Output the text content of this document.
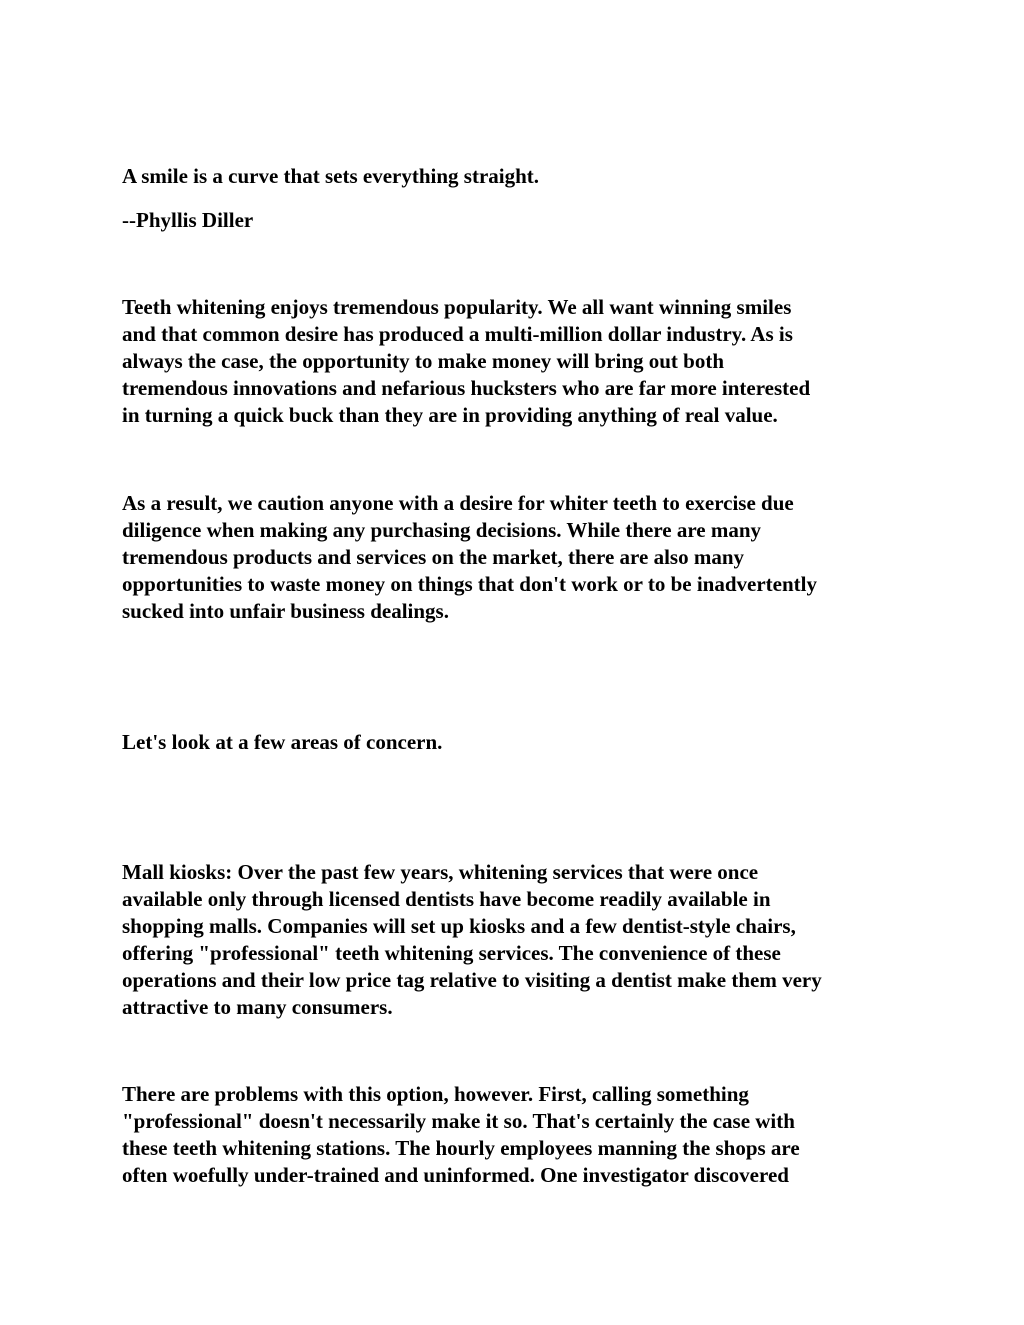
A smile is a curve that sets everything straight.

--Phyllis Diller

Teeth whitening enjoys tremendous popularity. We all want winning smiles
and that common desire has produced a multi-million dollar industry. As is
always the case, the opportunity to make money will bring out both
tremendous innovations and nefarious hucksters who are far more interested
in turning a quick buck than they are in providing anything of real value.

As a result, we caution anyone with a desire for whiter teeth to exercise due
diligence when making any purchasing decisions. While there are many
tremendous products and services on the market, there are also many
opportunities to waste money on things that don't work or to be inadvertently
sucked into unfair business dealings.

Let's look at a few areas of concern.

Mall kiosks: Over the past few years, whitening services that were once
available only through licensed dentists have become readily available in
shopping malls. Companies will set up kiosks and a few dentist-style chairs,
offering "professional" teeth whitening services. The convenience of these
operations and their low price tag relative to visiting a dentist make them very
attractive to many consumers.

There are problems with this option, however. First, calling something
"professional" doesn't necessarily make it so. That's certainly the case with
these teeth whitening stations. The hourly employees manning the shops are
often woefully under-trained and uninformed. One investigator discovered
